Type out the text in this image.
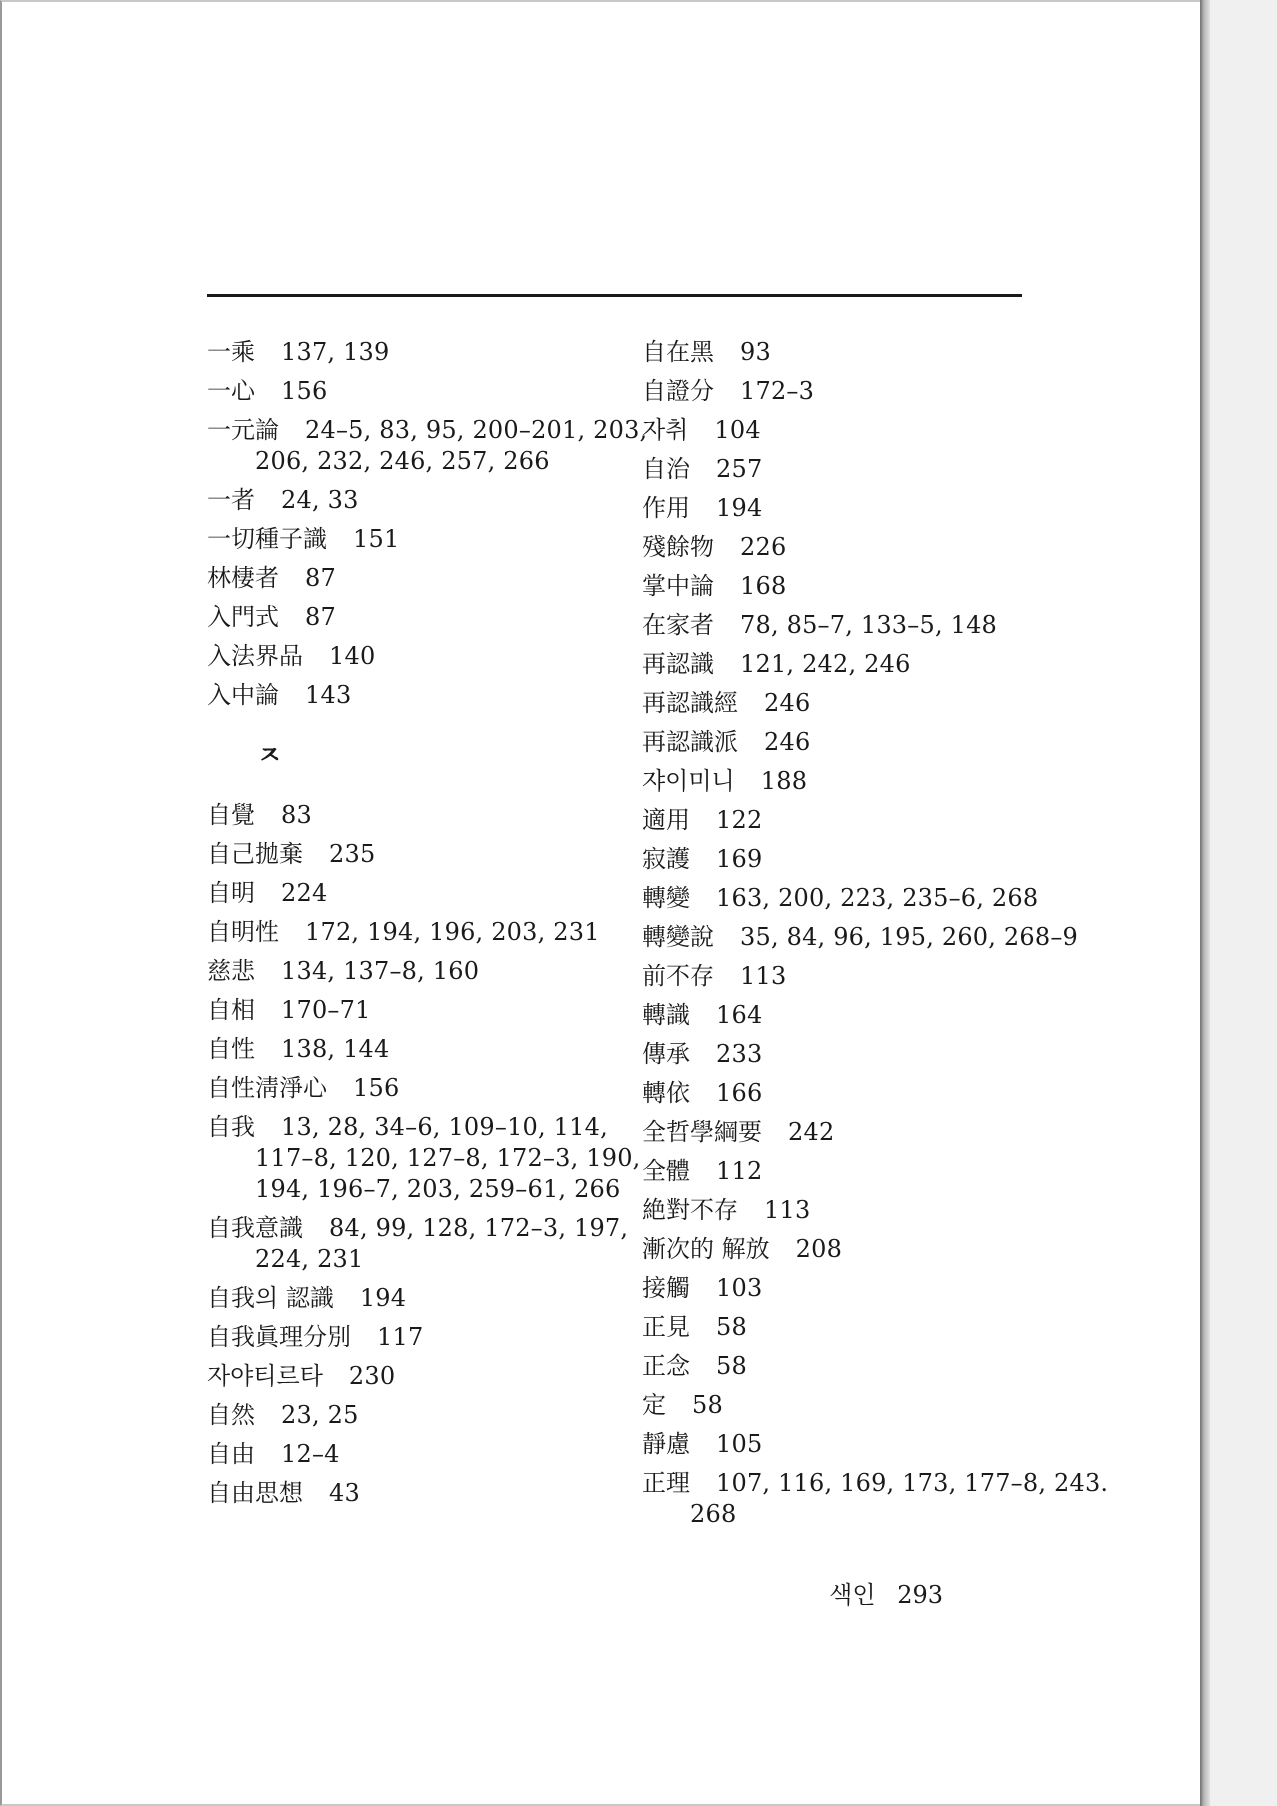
一乘 137, 139
一心 156
一元論 24–5, 83, 95, 200–201, 203,
206, 232, 246, 257, 266
一者 24, 33
一切種子識 151
林棲者 87
入門式 87
入法界品 140
入中論 143
ㅈ
自覺 83
自己拋棄 235
自明 224
自明性 172, 194, 196, 203, 231
慈悲 134, 137–8, 160
自相 170–71
自性 138, 144
自性淸淨心 156
自我 13, 28, 34–6, 109–10, 114,
117–8, 120, 127–8, 172–3, 190,
194, 196–7, 203, 259–61, 266
自我意識 84, 99, 128, 172–3, 197,
224, 231
自我의 認識 194
自我眞理分別 117
자야티르타 230
自然 23, 25
自由 12–4
自由思想 43
自在黑 93
自證分 172–3
자취 104
自治 257
作用 194
殘餘物 226
掌中論 168
在家者 78, 85–7, 133–5, 148
再認識 121, 242, 246
再認識經 246
再認識派 246
쟈이미니 188
適用 122
寂護 169
轉變 163, 200, 223, 235–6, 268
轉變說 35, 84, 96, 195, 260, 268–9
前不存 113
轉識 164
傳承 233
轉依 166
全哲學綱要 242
全體 112
絶對不存 113
漸次的 解放 208
接觸 103
正見 58
正念 58
定 58
靜慮 105
正理 107, 116, 169, 173, 177–8, 243.
268
색인 293
